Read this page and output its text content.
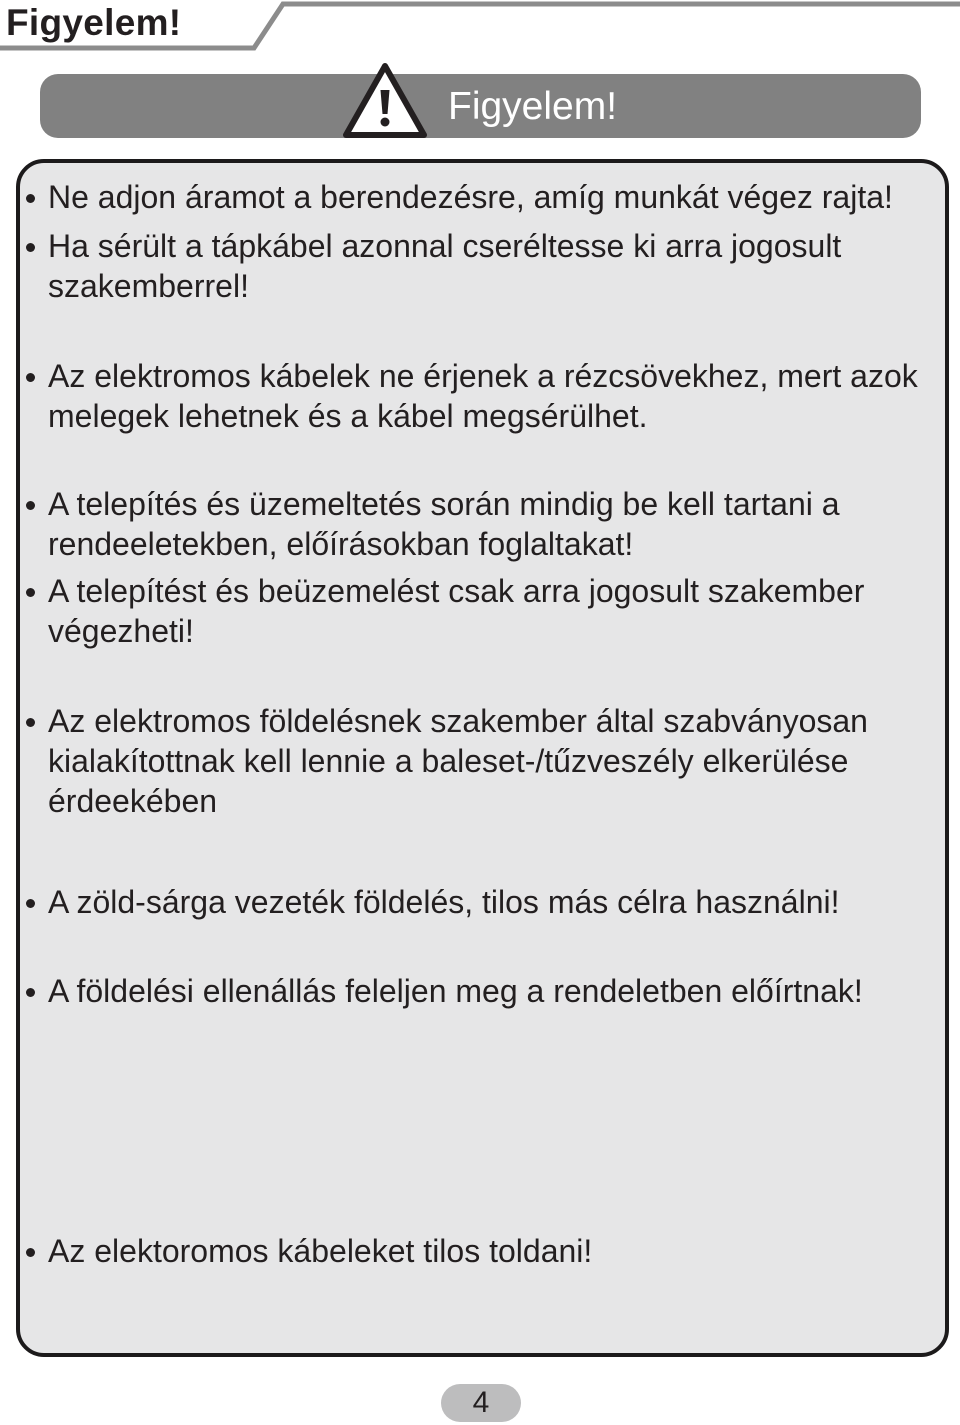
Figyelem!
Figyelem!
Ne adjon áramot a berendezésre, amíg munkát végez rajta!
Ha sérült a tápkábel azonnal cseréltesse ki arra jogosult szakemberrel!
Az elektromos kábelek ne érjenek a rézcsövekhez, mert azok melegek lehetnek és a kábel megsérülhet.
A telepítés és üzemeltetés során mindig be kell tartani a rendeeletekben, előírásokban foglaltakat!
A telepítést és beüzemelést csak arra jogosult szakember végezheti!
Az elektromos földelésnek szakember által szabványosan kialakítottnak kell lennie a baleset-/tűzveszély elkerülése érdeekében
A zöld-sárga vezeték földelés, tilos más célra használni!
A földelési ellenállás feleljen meg a rendeletben előírtnak!
Az elektoromos kábeleket tilos toldani!
4
